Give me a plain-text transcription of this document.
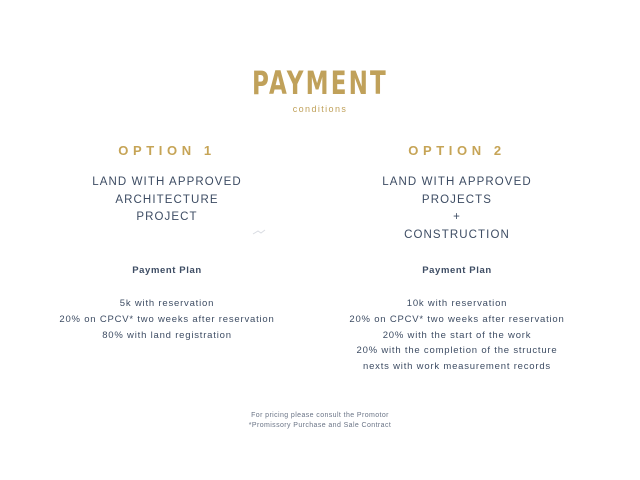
PAYMENT
conditions
OPTION 1
LAND WITH APPROVED
ARCHITECTURE
PROJECT
OPTION 2
LAND WITH APPROVED
PROJECTS
+
CONSTRUCTION
Payment Plan	Payment Plan
5k with reservation
20% on CPCV* two weeks after reservation
80% with land registration
10k with reservation
20% on CPCV* two weeks after reservation
20% with the start of the work
20% with the completion of the structure
nexts with work measurement records
For pricing please consult the Promotor
*Promissory Purchase and Sale Contract
